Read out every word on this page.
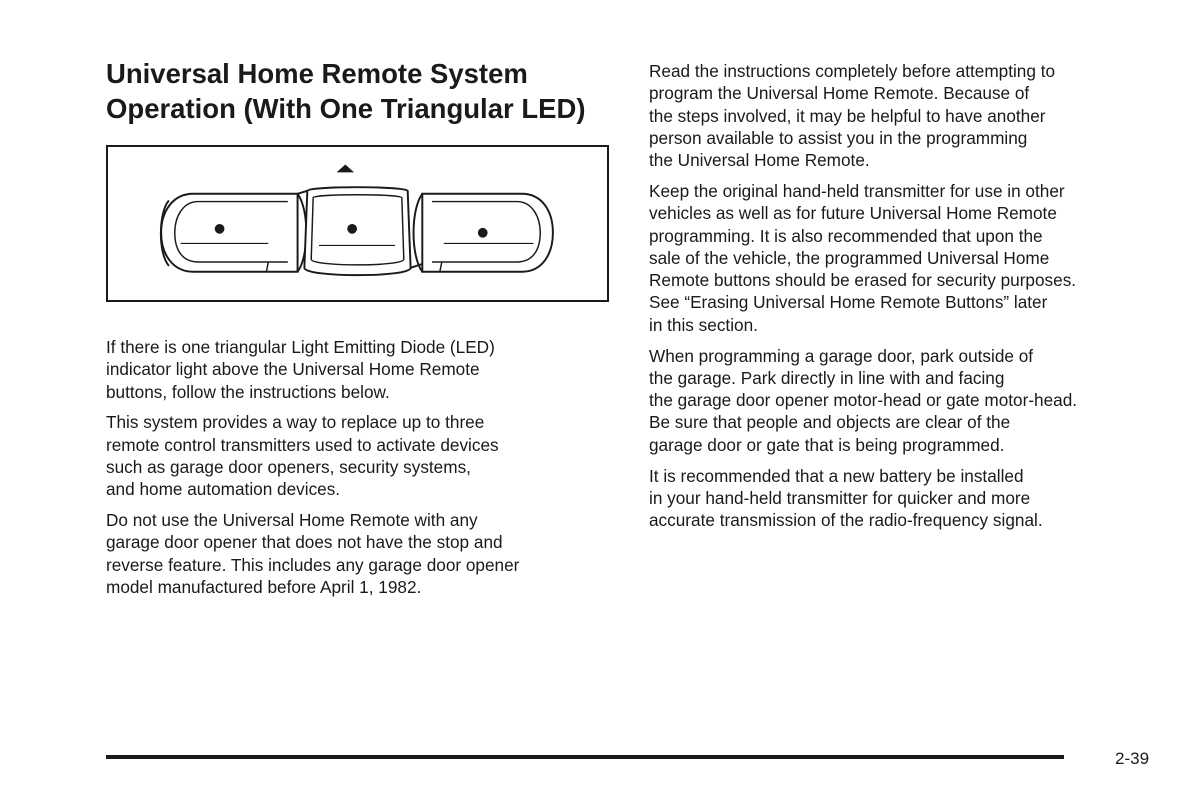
Universal Home Remote System Operation (With One Triangular LED)

If there is one triangular Light Emitting Diode (LED)
indicator light above the Universal Home Remote
buttons, follow the instructions below.

This system provides a way to replace up to three
remote control transmitters used to activate devices
such as garage door openers, security systems,
and home automation devices.

Do not use the Universal Home Remote with any
garage door opener that does not have the stop and
reverse feature. This includes any garage door opener
model manufactured before April 1, 1982.

Read the instructions completely before attempting to
program the Universal Home Remote. Because of
the steps involved, it may be helpful to have another
person available to assist you in the programming
the Universal Home Remote.

Keep the original hand-held transmitter for use in other
vehicles as well as for future Universal Home Remote
programming. It is also recommended that upon the
sale of the vehicle, the programmed Universal Home
Remote buttons should be erased for security purposes.
See “Erasing Universal Home Remote Buttons” later
in this section.

When programming a garage door, park outside of
the garage. Park directly in line with and facing
the garage door opener motor-head or gate motor-head.
Be sure that people and objects are clear of the
garage door or gate that is being programmed.

It is recommended that a new battery be installed
in your hand-held transmitter for quicker and more
accurate transmission of the radio-frequency signal.

2-39
